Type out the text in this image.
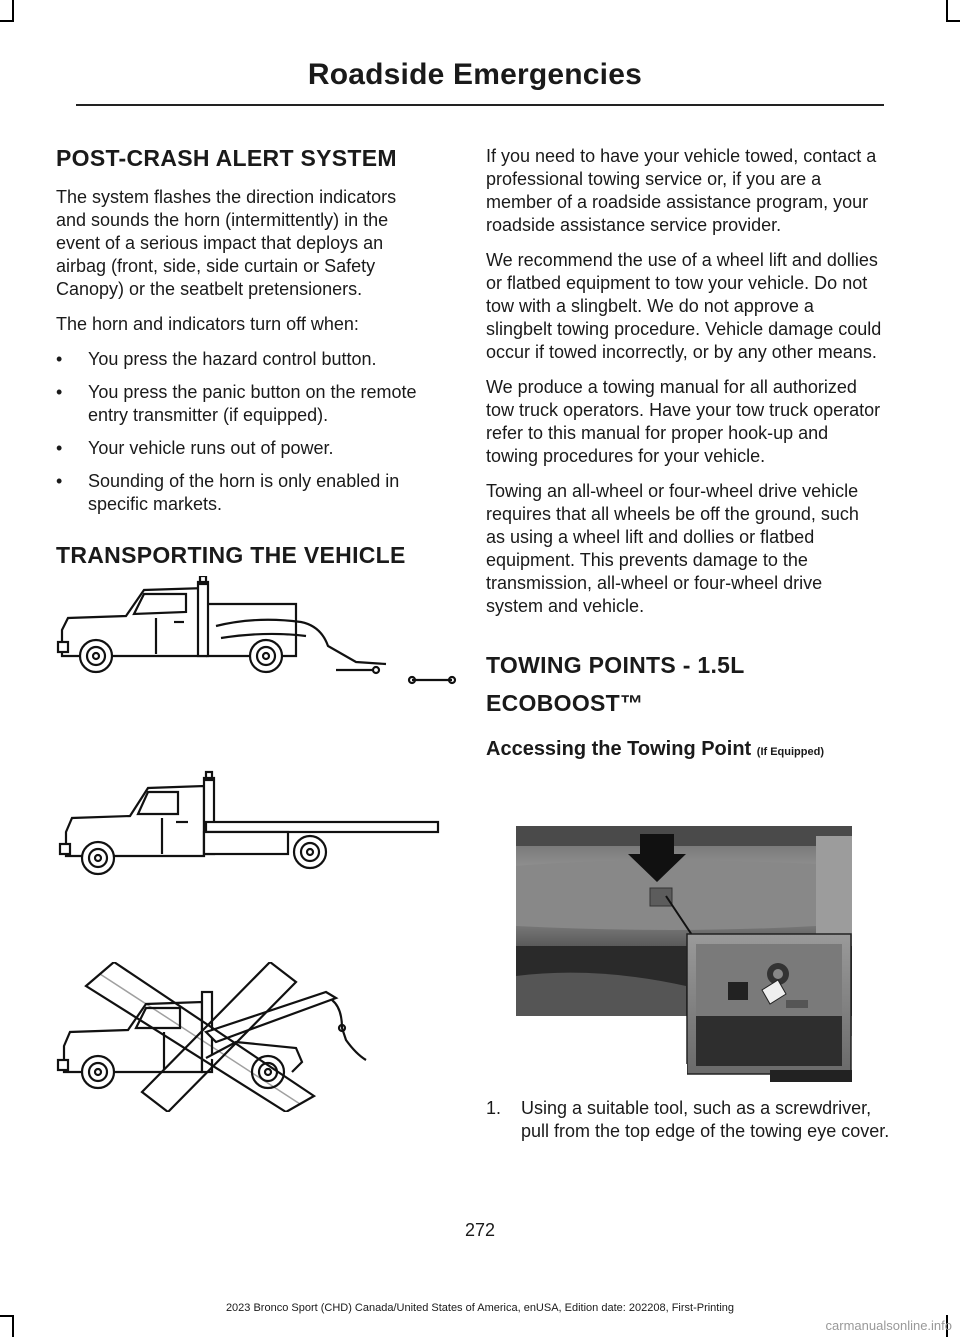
Roadside Emergencies
POST-CRASH ALERT SYSTEM

The system flashes the direction indicators and sounds the horn (intermittently) in the event of a serious impact that deploys an airbag (front, side, side curtain or Safety Canopy) or the seatbelt pretensioners.

The horn and indicators turn off when:

• You press the hazard control button.
• You press the panic button on the remote entry transmitter (if equipped).
• Your vehicle runs out of power.
• Sounding of the horn is only enabled in specific markets.
TRANSPORTING THE VEHICLE

If you need to have your vehicle towed, contact a professional towing service or, if you are a member of a roadside assistance program, your roadside assistance service provider.

We recommend the use of a wheel lift and dollies or flatbed equipment to tow your vehicle. Do not tow with a slingbelt. We do not approve a slingbelt towing procedure. Vehicle damage could occur if towed incorrectly, or by any other means.

We produce a towing manual for all authorized tow truck operators. Have your tow truck operator refer to this manual for proper hook-up and towing procedures for your vehicle.

Towing an all-wheel or four-wheel drive vehicle requires that all wheels be off the ground, such as using a wheel lift and dollies or flatbed equipment. This prevents damage to the transmission, all-wheel or four-wheel drive system and vehicle.

TOWING POINTS - 1.5L ECOBOOST™
Accessing the Towing Point (If Equipped)
1. Using a suitable tool, such as a screwdriver, pull from the top edge of the towing eye cover.
272
2023 Bronco Sport (CHD) Canada/United States of America, enUSA, Edition date: 202208, First-Printing
carmanualsonline.info
